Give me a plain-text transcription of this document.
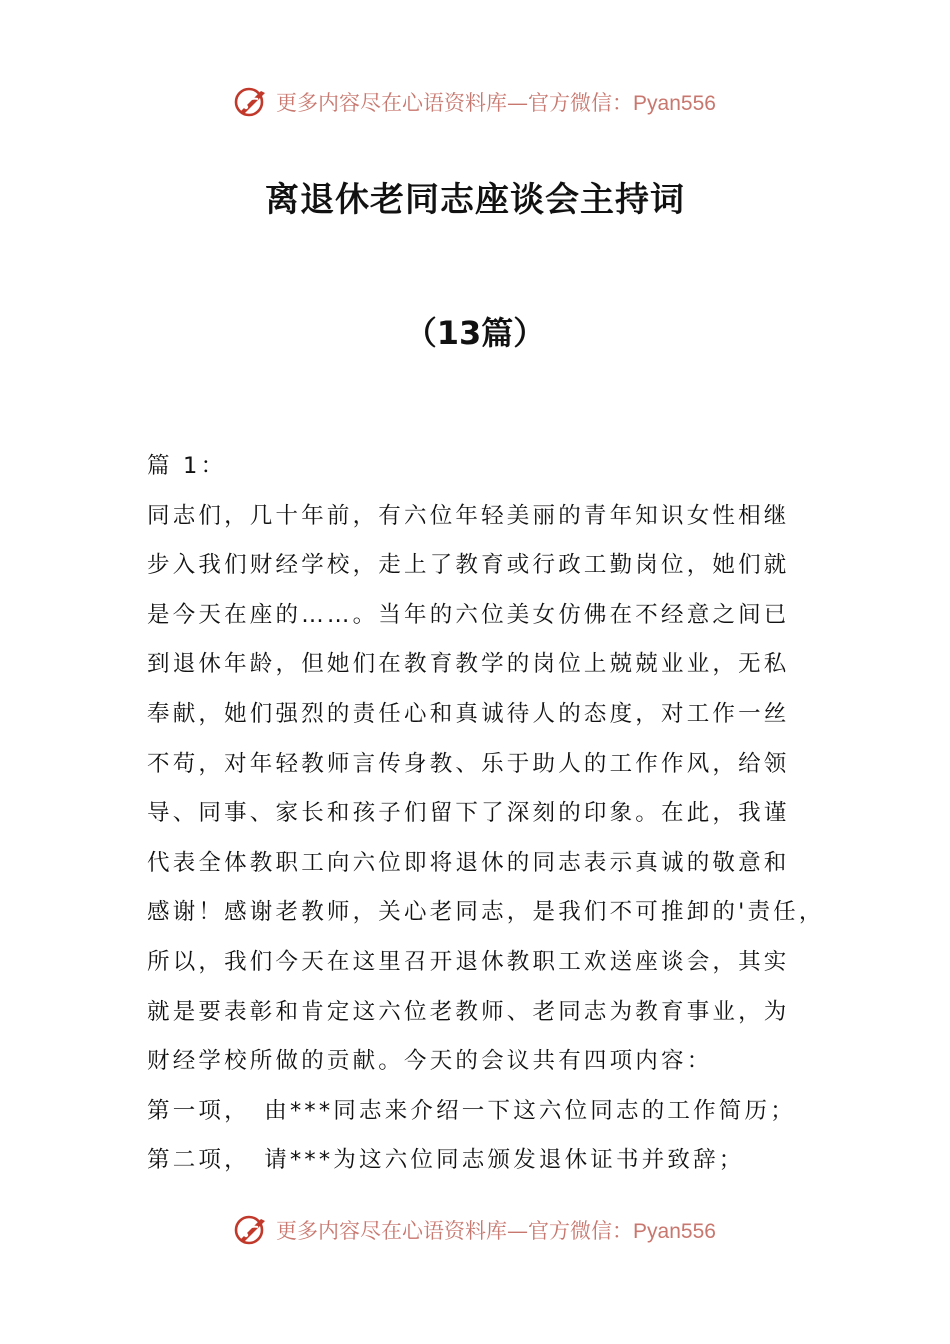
更多内容尽在心语资料库—官方微信：Pyan556
离退休老同志座谈会主持词
（13篇）
篇 1：
同志们，几十年前，有六位年轻美丽的青年知识女性相继
步入我们财经学校，走上了教育或行政工勤岗位，她们就
是今天在座的……。当年的六位美女仿佛在不经意之间已
到退休年龄，但她们在教育教学的岗位上兢兢业业，无私
奉献，她们强烈的责任心和真诚待人的态度，对工作一丝
不苟，对年轻教师言传身教、乐于助人的工作作风，给领
导、同事、家长和孩子们留下了深刻的印象。在此，我谨
代表全体教职工向六位即将退休的同志表示真诚的敬意和
感谢！感谢老教师，关心老同志，是我们不可推卸的'责任，
所以，我们今天在这里召开退休教职工欢送座谈会，其实
就是要表彰和肯定这六位老教师、老同志为教育事业，为
财经学校所做的贡献。今天的会议共有四项内容：
第一项，　由***同志来介绍一下这六位同志的工作简历；
第二项，　请***为这六位同志颁发退休证书并致辞；
更多内容尽在心语资料库—官方微信：Pyan556
